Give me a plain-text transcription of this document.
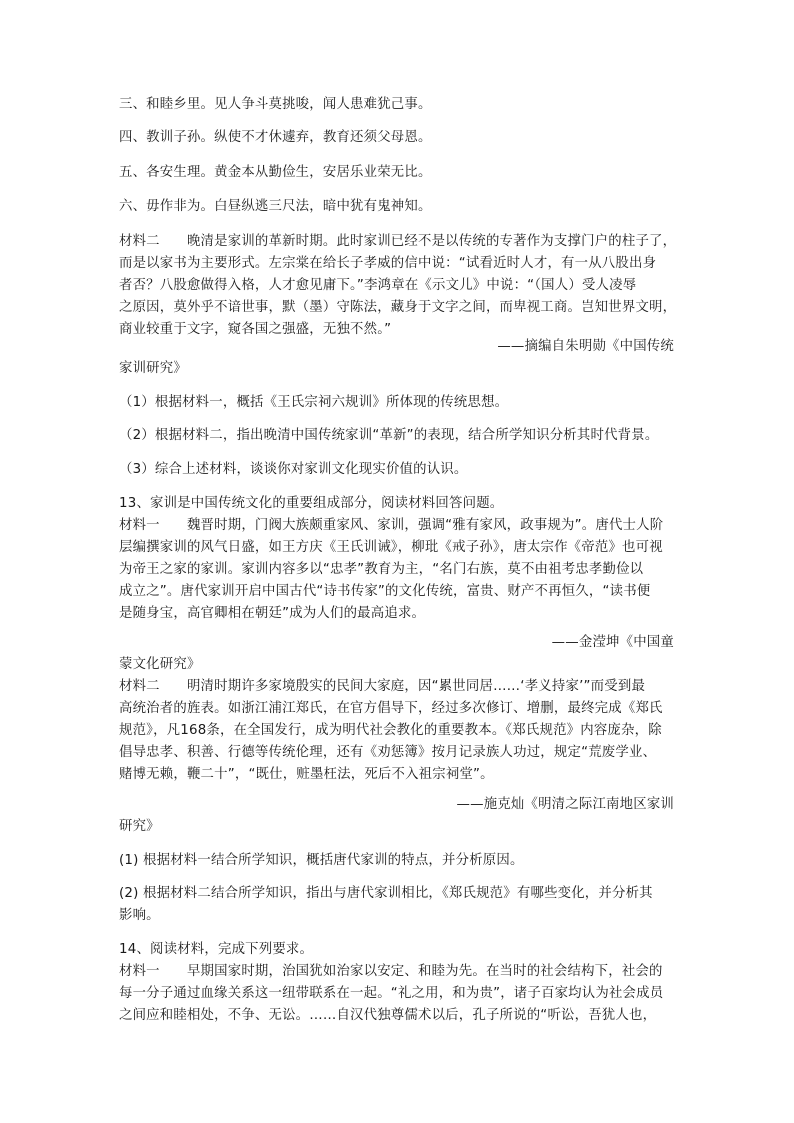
三、和睦乡里。见人争斗莫挑唆，闻人患难犹己事。
四、教训子孙。纵使不才休遽弃，教育还须父母恩。
五、各安生理。黄金本从勤俭生，安居乐业荣无比。
六、毋作非为。白昼纵逃三尺法，暗中犹有鬼神知。
材料二　　晚清是家训的革新时期。此时家训已经不是以传统的专著作为支撑门户的柱子了，
而是以家书为主要形式。左宗棠在给长子孝威的信中说：“试看近时人才，有一从八股出身
者否？八股愈做得入格，人才愈见庸下。”李鸿章在《示文儿》中说：“（国人）受人凌辱
之原因，莫外乎不谙世事，默（墨）守陈法，藏身于文字之间，而卑视工商。岂知世界文明，
商业较重于文字，窥各国之强盛，无独不然。”
——摘编自朱明勋《中国传统
家训研究》
（1）根据材料一，概括《王氏宗祠六规训》所体现的传统思想。
（2）根据材料二，指出晚清中国传统家训“革新”的表现，结合所学知识分析其时代背景。
（3）综合上述材料，谈谈你对家训文化现实价值的认识。
13、家训是中国传统文化的重要组成部分，阅读材料回答问题。
材料一　　魏晋时期，门阀大族颇重家风、家训，强调“雅有家风，政事规为”。唐代士人阶
层编撰家训的风气日盛，如王方庆《王氏训诫》，柳玭《戒子孙》，唐太宗作《帝范》也可视
为帝王之家的家训。家训内容多以“忠孝”教育为主，“名门右族，莫不由祖考忠孝勤俭以
成立之”。唐代家训开启中国古代“诗书传家”的文化传统，富贵、财产不再恒久，“读书便
是随身宝，高官卿相在朝廷”成为人们的最高追求。
——金滢坤《中国童
蒙文化研究》
材料二　　明清时期许多家境殷实的民间大家庭，因“累世同居……‘孝义持家’”而受到最
高统治者的旌表。如浙江浦江郑氏，在官方倡导下，经过多次修订、增删，最终完成《郑氏
规范》，凡168条，在全国发行，成为明代社会教化的重要教本。《郑氏规范》内容庞杂，除
倡导忠孝、积善、行德等传统伦理，还有《劝惩簿》按月记录族人功过，规定“荒废学业、
赌博无赖，鞭二十”，“既仕，赃墨枉法，死后不入祖宗祠堂”。
——施克灿《明清之际江南地区家训
研究》
(1) 根据材料一结合所学知识，概括唐代家训的特点，并分析原因。
(2) 根据材料二结合所学知识，指出与唐代家训相比，《郑氏规范》有哪些变化，并分析其
影响。
14、阅读材料，完成下列要求。
材料一　　早期国家时期，治国犹如治家以安定、和睦为先。在当时的社会结构下，社会的
每一分子通过血缘关系这一纽带联系在一起。“礼之用，和为贵”，诸子百家均认为社会成员
之间应和睦相处，不争、无讼。……自汉代独尊儒术以后，孔子所说的“听讼，吾犹人也，
